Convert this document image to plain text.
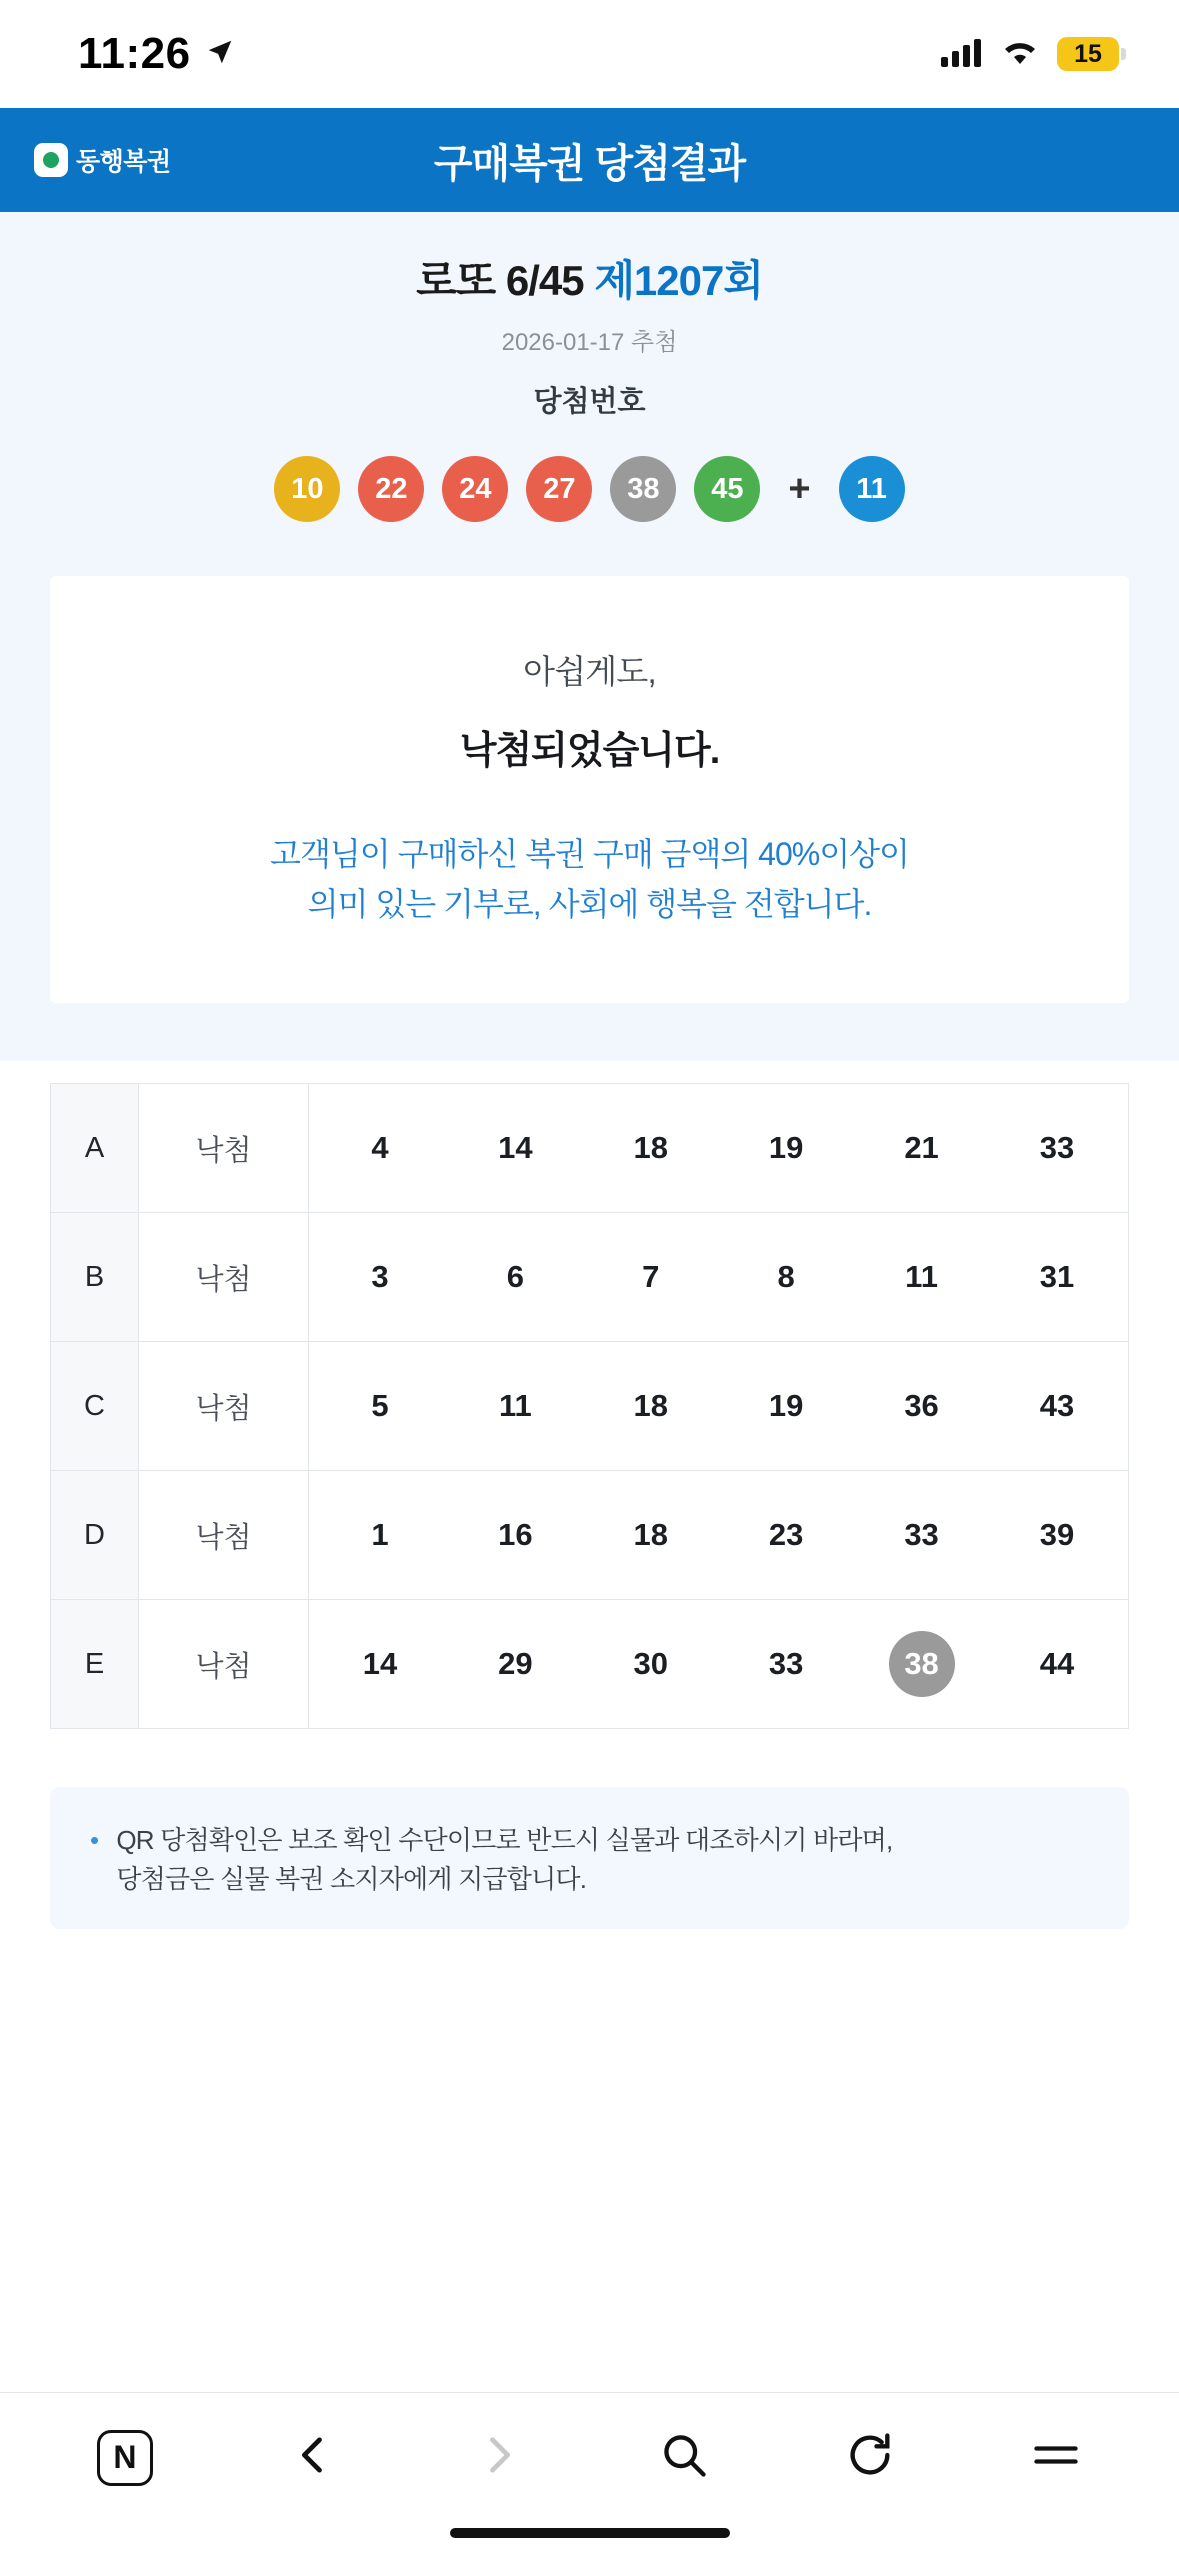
11:26	15
동행복권	구매복권 당첨결과
로또 6/45 제1207회
2026-01-17 추첨
당첨번호
10	22	24	27	38	45	+	11
아쉽게도,
낙첨되었습니다.
고객님이 구매하신 복권 구매 금액의 40%이상이
의미 있는 기부로, 사회에 행복을 전합니다.
A	낙첨	4	14	18	19	21	33

B	낙첨	3	6	7	8	11	31

C	낙첨	5	11	18	19	36	43

D	낙첨	1	16	18	23	33	39

E	낙첨	14	29	30	33	38	44
• QR 당첨확인은 보조 확인 수단이므로 반드시 실물과 대조하시기 바라며,
당첨금은 실물 복권 소지자에게 지급합니다.
N
